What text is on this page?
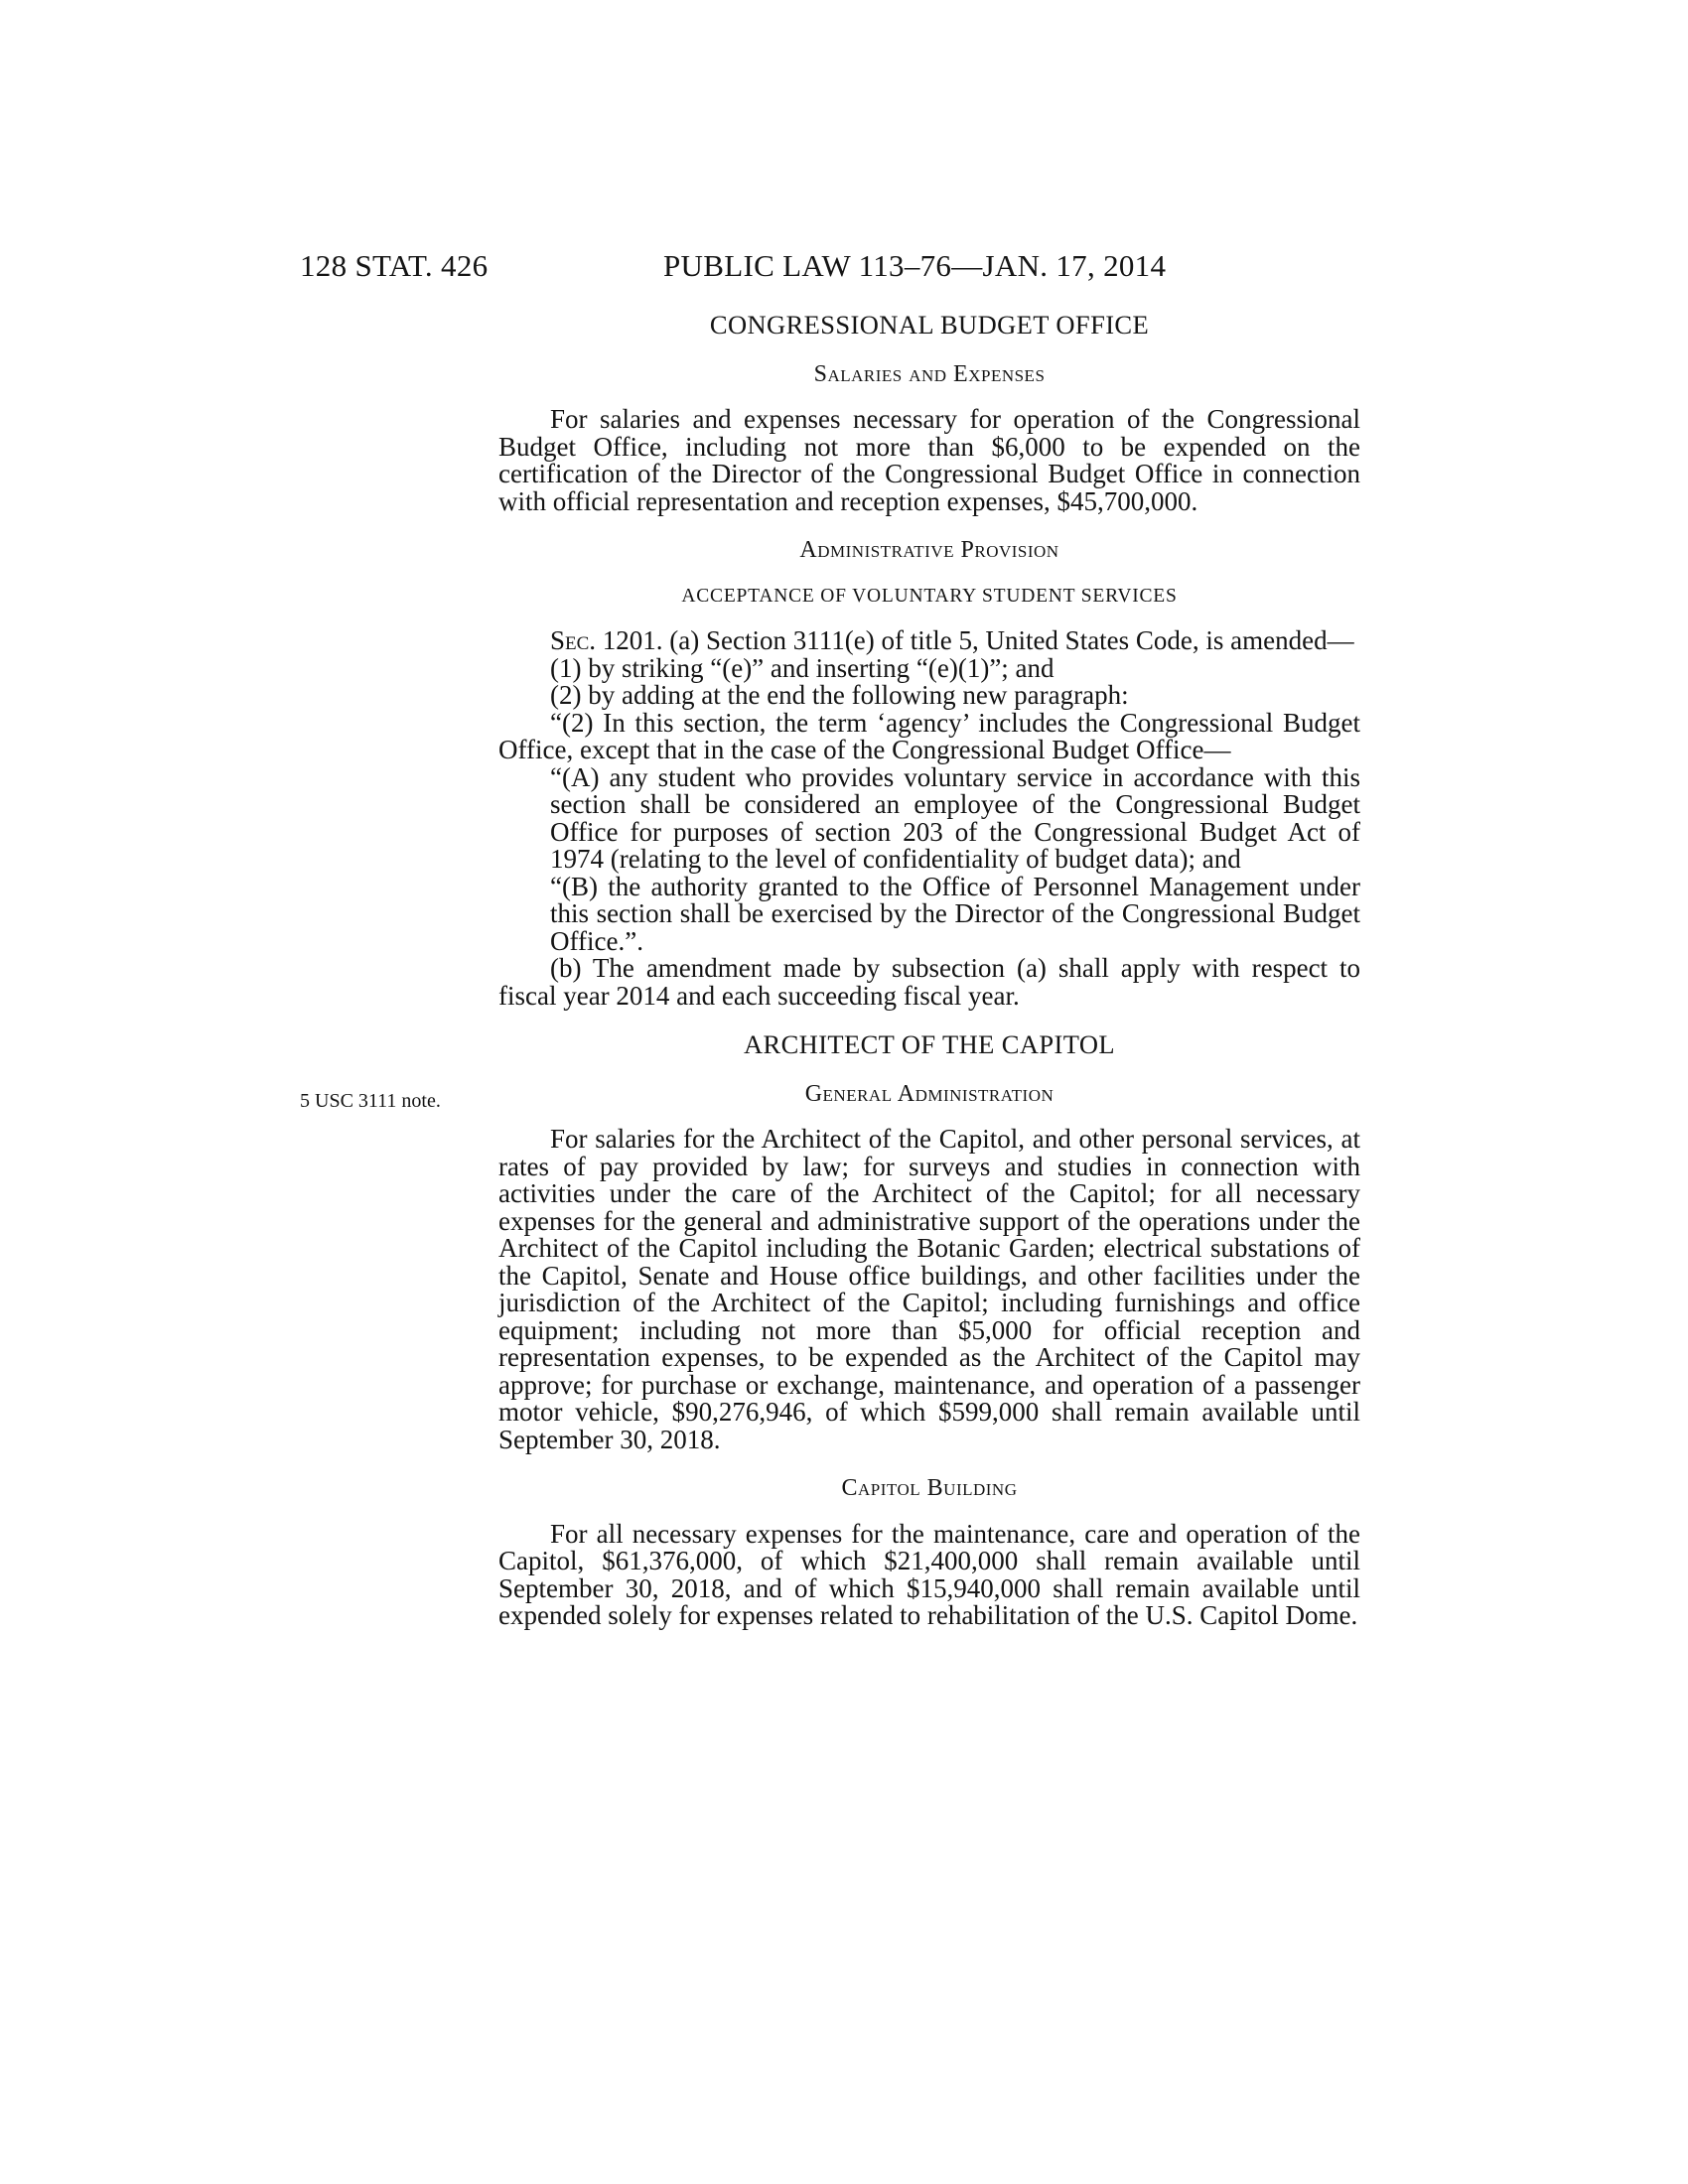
128 STAT. 426	PUBLIC LAW 113–76—JAN. 17, 2014
5 USC 3111 note.
CONGRESSIONAL BUDGET OFFICE
Salaries and Expenses

For salaries and expenses necessary for operation of the Congressional Budget Office, including not more than $6,000 to be expended on the certification of the Director of the Congressional Budget Office in connection with official representation and reception expenses, $45,700,000.

Administrative Provision
ACCEPTANCE OF VOLUNTARY STUDENT SERVICES

Sec. 1201. (a) Section 3111(e) of title 5, United States Code, is amended—

(1) by striking “(e)” and inserting “(e)(1)”; and

(2) by adding at the end the following new paragraph:

“(2) In this section, the term ‘agency’ includes the Congressional Budget Office, except that in the case of the Congressional Budget Office—

“(A) any student who provides voluntary service in accordance with this section shall be considered an employee of the Congressional Budget Office for purposes of section 203 of the Congressional Budget Act of 1974 (relating to the level of confidentiality of budget data); and

“(B) the authority granted to the Office of Personnel Management under this section shall be exercised by the Director of the Congressional Budget Office.”.

(b) The amendment made by subsection (a) shall apply with respect to fiscal year 2014 and each succeeding fiscal year.

ARCHITECT OF THE CAPITOL
General Administration

For salaries for the Architect of the Capitol, and other personal services, at rates of pay provided by law; for surveys and studies in connection with activities under the care of the Architect of the Capitol; for all necessary expenses for the general and administrative support of the operations under the Architect of the Capitol including the Botanic Garden; electrical substations of the Capitol, Senate and House office buildings, and other facilities under the jurisdiction of the Architect of the Capitol; including furnishings and office equipment; including not more than $5,000 for official reception and representation expenses, to be expended as the Architect of the Capitol may approve; for purchase or exchange, maintenance, and operation of a passenger motor vehicle, $90,276,946, of which $599,000 shall remain available until September 30, 2018.

Capitol Building

For all necessary expenses for the maintenance, care and operation of the Capitol, $61,376,000, of which $21,400,000 shall remain available until September 30, 2018, and of which $15,940,000 shall remain available until expended solely for expenses related to rehabilitation of the U.S. Capitol Dome.
